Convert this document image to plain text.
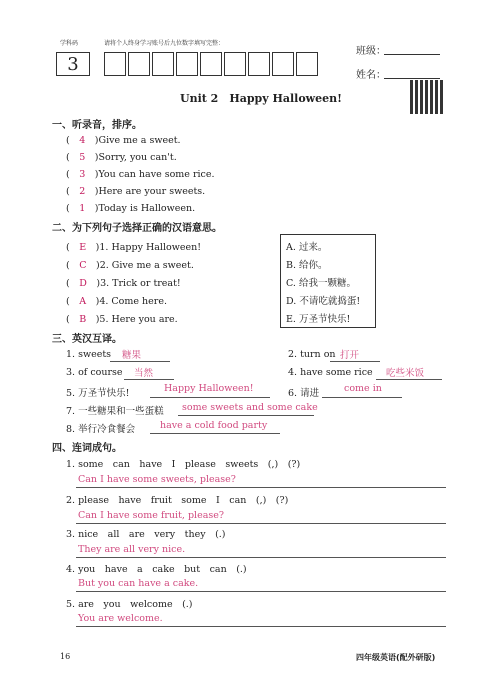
学科码	请将个人终身学习账号后九位数字填写完整：
3
班级：
姓名：
Unit 2　Happy Halloween!
一、听录音，排序。
(　4　 )Give me a sweet.
(　5　 )Sorry, you can't.
(　3　 )You can have some rice.
(　2　 )Here are your sweets.
(　1　 )Today is Halloween.
二、为下列句子选择正确的汉语意思。
(　E　 )1. Happy Halloween!
(　C　 )2. Give me a sweet.
(　D　 )3. Trick or treat!
(　A　 )4. Come here.
(　B　 )5. Here you are.
A. 过来。
B. 给你。
C. 给我一颗糖。
D. 不请吃就捣蛋!
E. 万圣节快乐!
三、英汉互译。
1. sweets 糖果	2. turn on 打开
3. of course 当然	4. have some rice 吃些米饭
5. 万圣节快乐!	Happy Halloween!	6. 请进	come in
7. 一些糖果和一些蛋糕 some sweets and some cake
8. 举行冷食餐会	have a cold food party
四、连词成句。
1. some　can　have　I　please　sweets　(,)　(?)
Can I have some sweets, please?
2. please　have　fruit　some　I　can　(,)　(?)
Can I have some fruit, please?
3. nice　all　are　very　they　(.)
They are all very nice.
4. you　have　a　cake　but　can　(.)
But you can have a cake.
5. are　you　welcome　(.)
You are welcome.
16	四年级英语(配外研版)
